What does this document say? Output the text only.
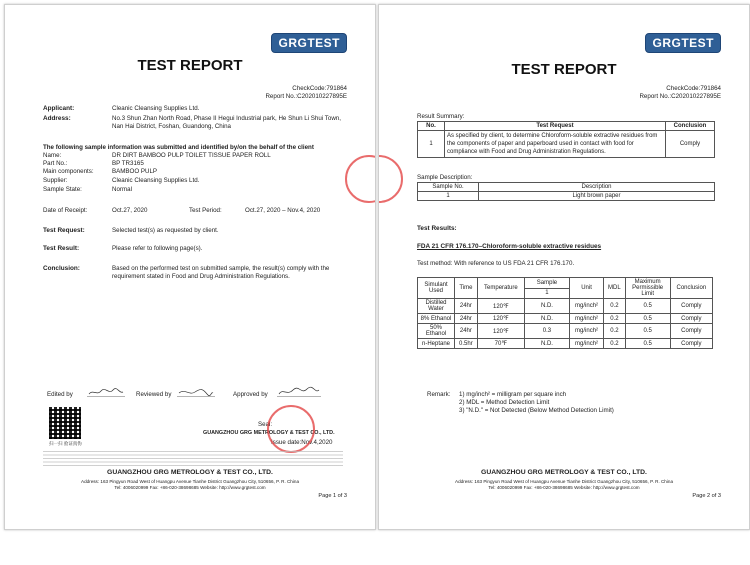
GRGTEST
TEST REPORT
CheckCode:791864
Report No.:C202010227895E
Applicant:	Cleanic Cleansing Supplies Ltd.
Address:	No.3 Shun Zhan North Road, Phase II Hegui Industrial park, He Shun Li Shui Town, Nan Hai District, Foshan, Guandong, China
The following sample information was submitted and identified by/on the behalf of the client
Name:	DR DIRT BAMBOO PULP TOILET TISSUE PAPER ROLL
Part No.:	BP TR3165
Main components:	BAMBOO PULP
Supplier:	Cleanic Cleansing Supplies Ltd.
Sample State:	Normal
Date of Receipt:	Oct.27, 2020	Test Period:	Oct.27, 2020 – Nov.4, 2020
Test Request:	Selected test(s) as requested by client.
Test Result:	Please refer to following page(s).
Conclusion:	Based on the performed test on submitted sample, the result(s) comply with the requirement stated in Food and Drug Administration Regulations.
Edited by	Reviewed by	Approved by
扫一扫 验证真伪
Seal:
GUANGZHOU GRG METROLOGY & TEST CO., LTD.
Issue date:Nov.4,2020
GUANGZHOU GRG METROLOGY & TEST CO., LTD.
Address: 163 Pingyun Road West of Huangpu Avenue Tianhe District Guangzhou City, 510656, P. R. China
Tel: 4006020999 Fax: +86-020-38698685 Website: http://www.grgtest.com
Page 1 of 3
GRGTEST
TEST REPORT
CheckCode:791864
Report No.:C202010227895E
Result Summary:
No.	Test Request	Conclusion
1	As specified by client, to determine Chloroform-soluble extractive residues from the components of paper and paperboard used in contact with food for compliance with Food and Drug Administration Regulations.	Comply
Sample Description:
Sample No.	Description
1	Light brown paper
Test Results:
FDA 21 CFR 176.170–Chloroform-soluble extractive residues
Test method: With reference to US FDA 21 CFR 176.170.
Simulant Used	Time	Temperature	Sample	Unit	MDL	Maximum Permissible Limit	Conclusion
			1				
Distilled Water	24hr	120℉	N.D.	mg/inch²	0.2	0.5	Comply
8% Ethanol	24hr	120℉	N.D.	mg/inch²	0.2	0.5	Comply
50% Ethanol	24hr	120℉	0.3	mg/inch²	0.2	0.5	Comply
n-Heptane	0.5hr	70℉	N.D.	mg/inch²	0.2	0.5	Comply
Remark: 1) mg/inch² = milligram per square inch
2) MDL = Method Detection Limit
3) "N.D." = Not Detected (Below Method Detection Limit)
GUANGZHOU GRG METROLOGY & TEST CO., LTD.
Address: 163 Pingyun Road West of Huangpu Avenue Tianhe District Guangzhou City, 510656, P. R. China
Tel: 4006020999 Fax: +86-020-38698685 Website: http://www.grgtest.com
Page 2 of 3
